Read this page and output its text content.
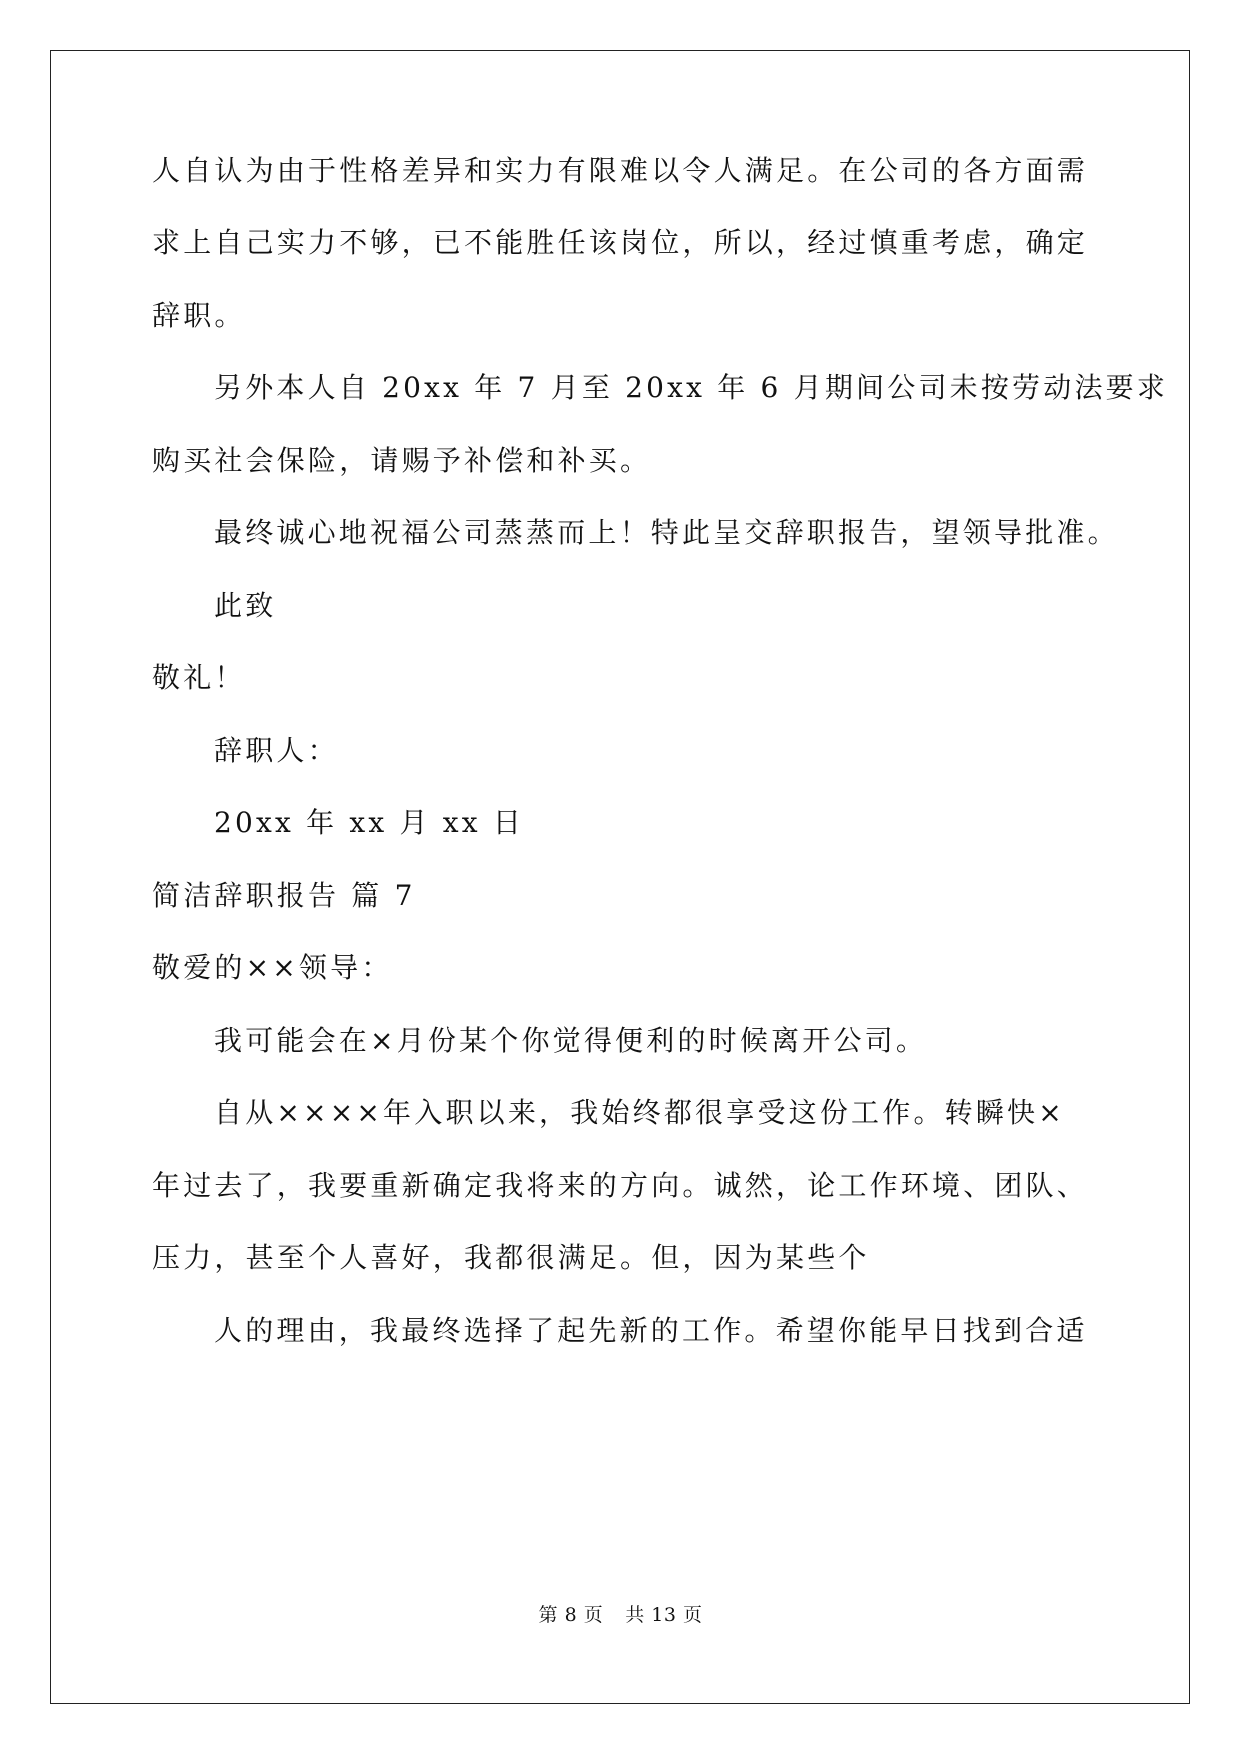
人自认为由于性格差异和实力有限难以令人满足。在公司的各方面需
求上自己实力不够，已不能胜任该岗位，所以，经过慎重考虑，确定
辞职。
另外本人自 20xx 年 7 月至 20xx 年 6 月期间公司未按劳动法要求
购买社会保险，请赐予补偿和补买。
最终诚心地祝福公司蒸蒸而上！特此呈交辞职报告，望领导批准。
此致
敬礼！
辞职人：
20xx 年 xx 月 xx 日
简洁辞职报告 篇 7
敬爱的××领导：
我可能会在×月份某个你觉得便利的时候离开公司。
自从××××年入职以来，我始终都很享受这份工作。转瞬快×
年过去了，我要重新确定我将来的方向。诚然，论工作环境、团队、
压力，甚至个人喜好，我都很满足。但，因为某些个
人的理由，我最终选择了起先新的工作。希望你能早日找到合适
第 8 页 共 13 页
